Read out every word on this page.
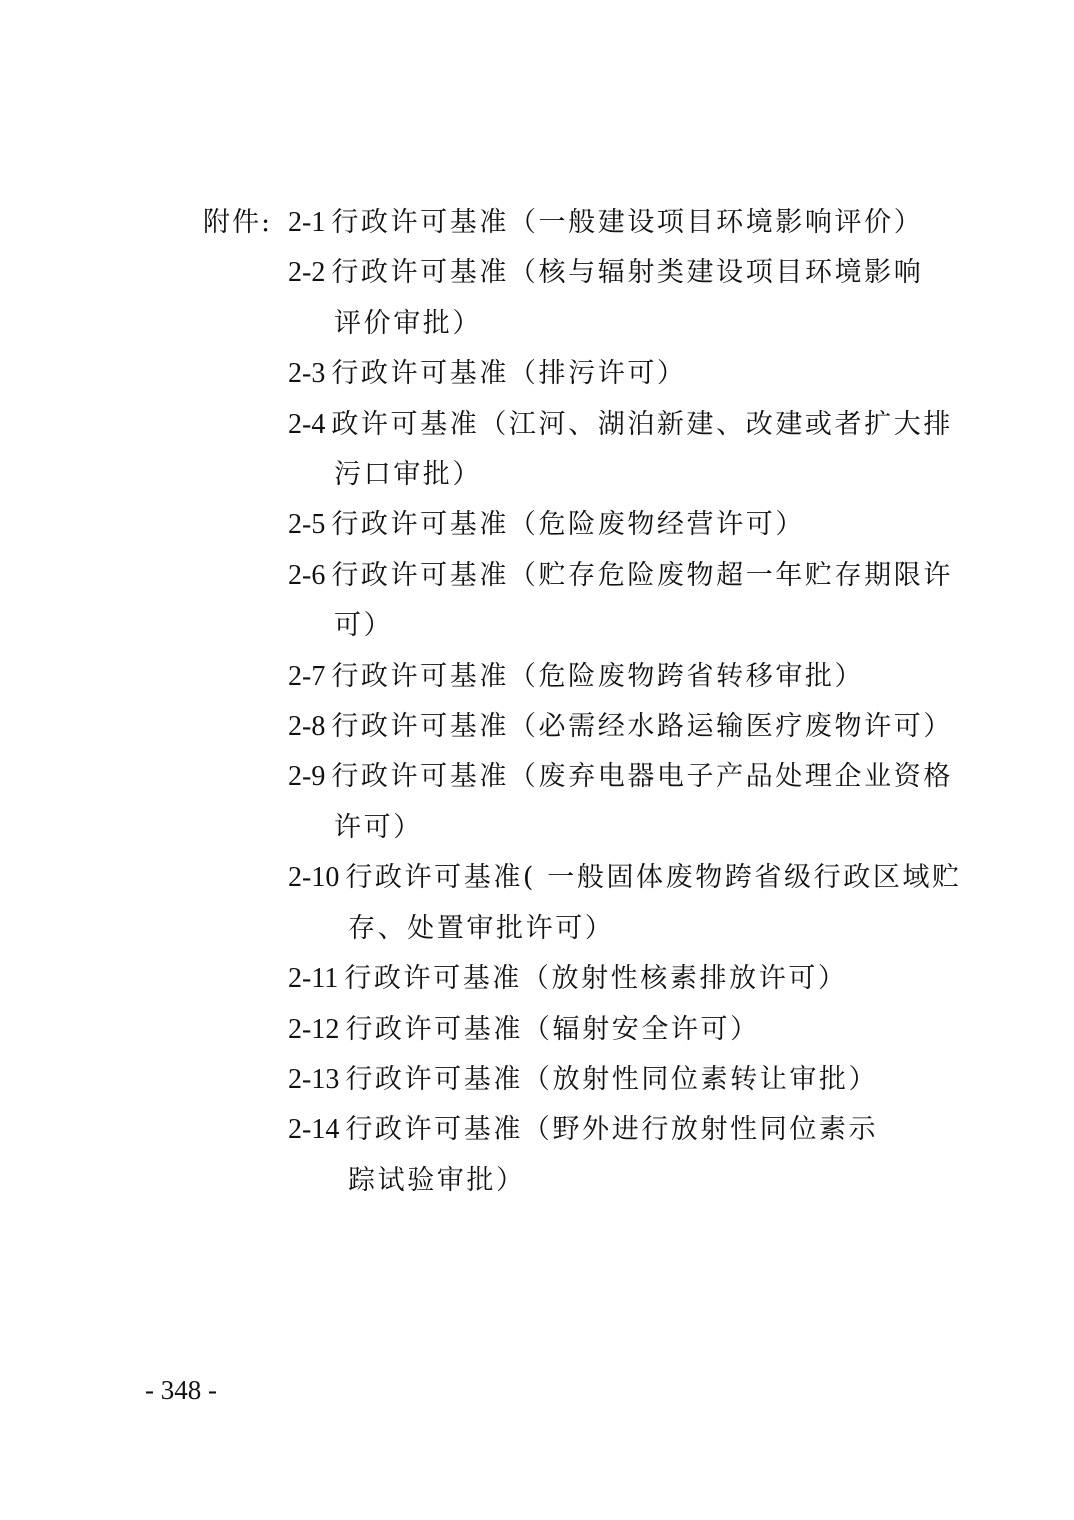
附件: 2-1 行政许可基准（一般建设项目环境影响评价）
2-2 行政许可基准（核与辐射类建设项目环境影响
评价审批）
2-3 行政许可基准（排污许可）
2-4 政许可基准（江河、湖泊新建、改建或者扩大排
污口审批）
2-5 行政许可基准（危险废物经营许可）
2-6 行政许可基准（贮存危险废物超一年贮存期限许
可）
2-7 行政许可基准（危险废物跨省转移审批）
2-8 行政许可基准（必需经水路运输医疗废物许可）
2-9 行政许可基准（废弃电器电子产品处理企业资格
许可）
2-10 行政许可基准( 一般固体废物跨省级行政区域贮
存、处置审批许可）
2-11 行政许可基准（放射性核素排放许可）
2-12 行政许可基准（辐射安全许可）
2-13 行政许可基准（放射性同位素转让审批）
2-14 行政许可基准（野外进行放射性同位素示
踪试验审批）
- 348 -
